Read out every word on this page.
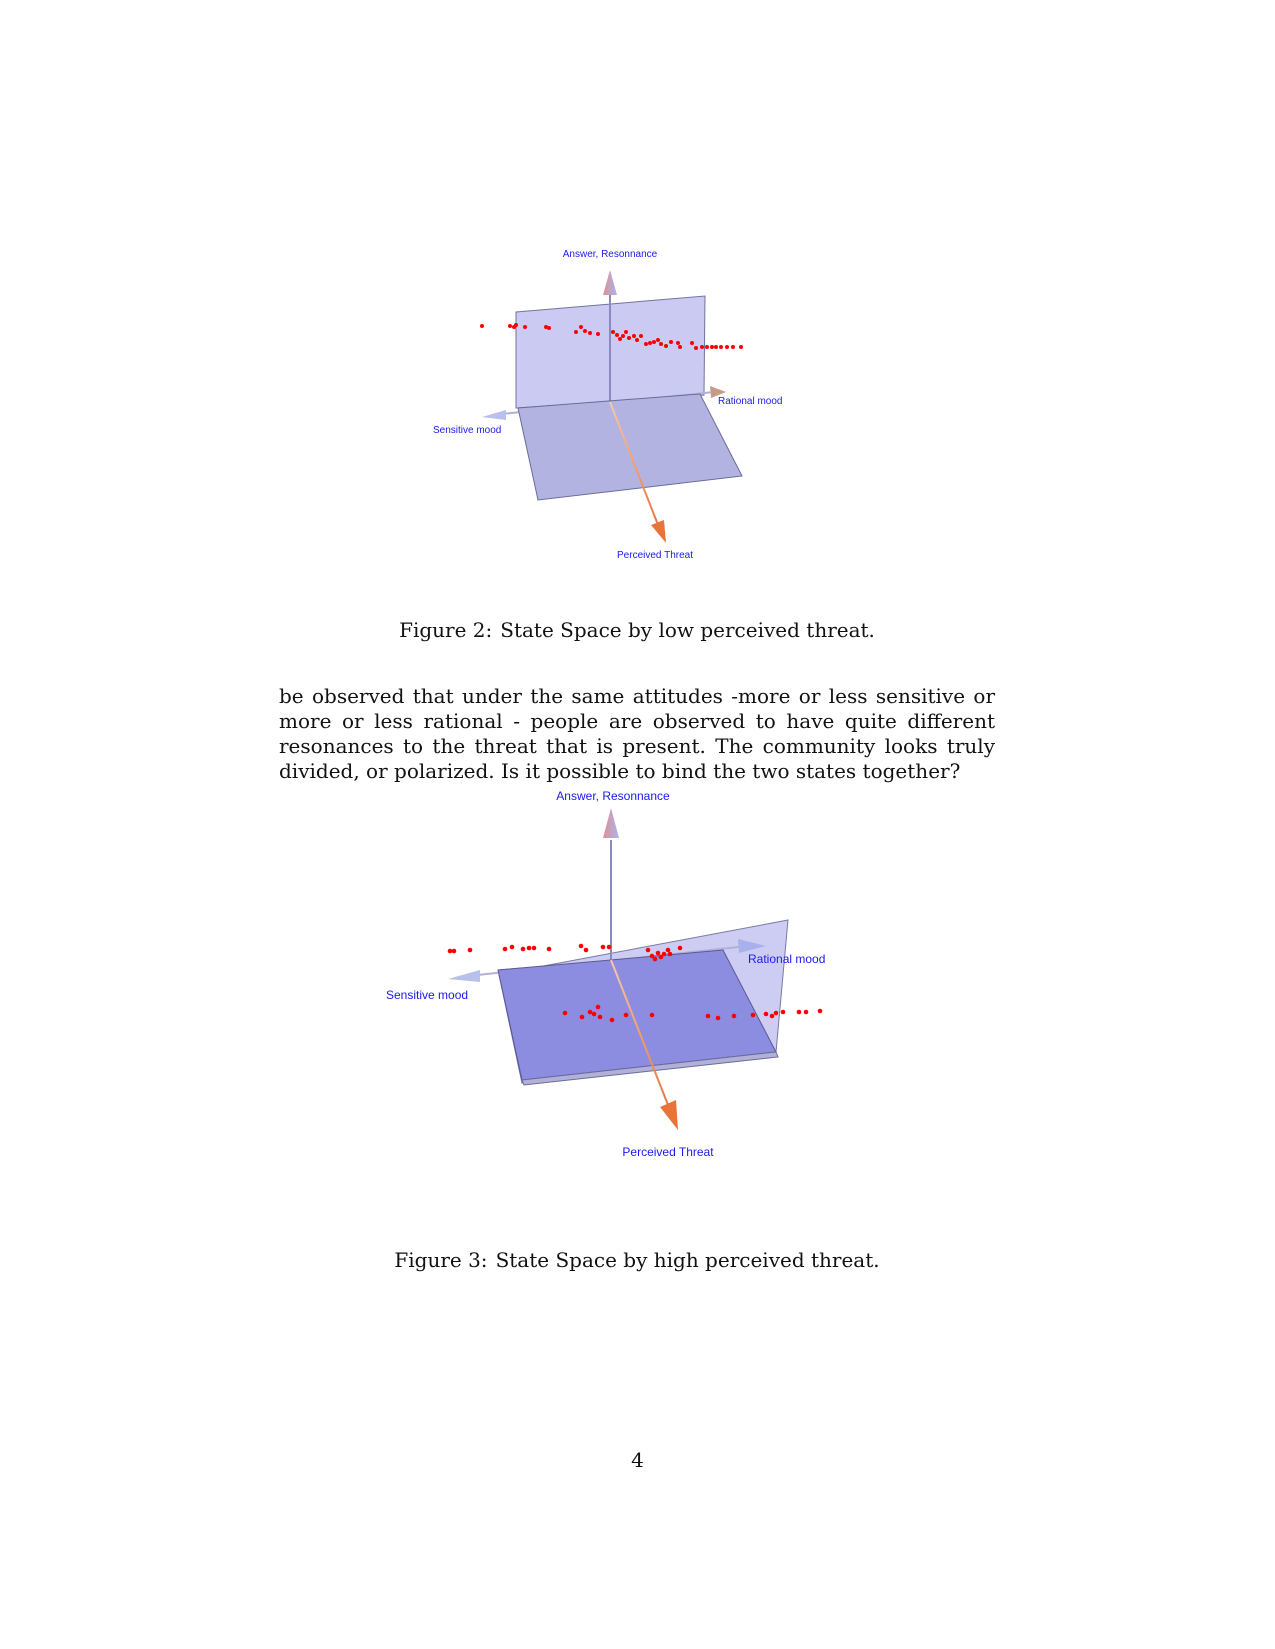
Answer, Resonnance
Sensitive mood
Rational mood
Perceived Threat
Figure 2: State Space by low perceived threat.

be observed that under the same attitudes -more or less sensitive or more or less rational - people are observed to have quite different resonances to the threat that is present. The community looks truly divided, or polarized. Is it possible to bind the two states together?

Answer, Resonnance
Sensitive mood
Rational mood
Perceived Threat
Figure 3: State Space by high perceived threat.
4
